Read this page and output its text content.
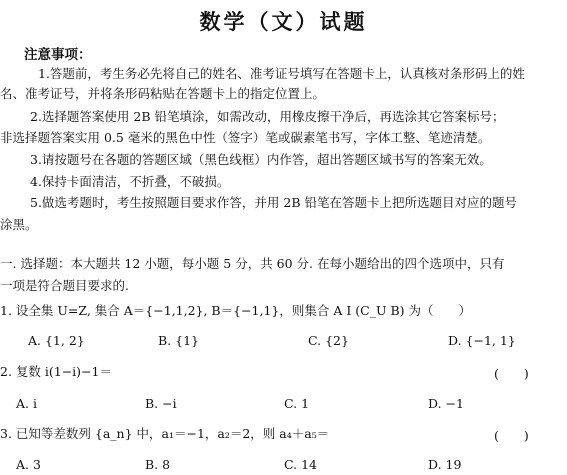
数学（文）试题
注意事项：
1.答题前，考生务必先将自己的姓名、准考证号填写在答题卡上，认真核对条形码上的姓
名、准考证号，并将条形码粘贴在答题卡上的指定位置上。
2.选择题答案使用 2B 铅笔填涂，如需改动，用橡皮擦干净后，再选涂其它答案标号；
非选择题答案实用 0.5 毫米的黑色中性（签字）笔或碳素笔书写，字体工整、笔迹清楚。
3.请按题号在各题的答题区域（黑色线框）内作答，超出答题区域书写的答案无效。
4.保持卡面清洁，不折叠，不破损。
5.做选考题时，考生按照题目要求作答，并用 2B 铅笔在答题卡上把所选题目对应的题号
涂黑。
一. 选择题：本大题共 12 小题，每小题 5 分，共 60 分. 在每小题给出的四个选项中，只有
一项是符合题目要求的.
1. 设全集 U=Z, 集合 A＝{−1,1,2}, B＝{−1,1}，则集合 A I (C_U B) 为（　　）
A. {1, 2}	B. {1}	C. {2}	D. {−1, 1}
2. 复数 i(1−i)−1＝	(　　)
A. i	B. −i	C. 1	D. −1
3. 已知等差数列 {a_n} 中，a₁＝−1，a₂＝2，则 a₄＋a₅＝	(　　)
A. 3	B. 8	C. 14	D. 19
